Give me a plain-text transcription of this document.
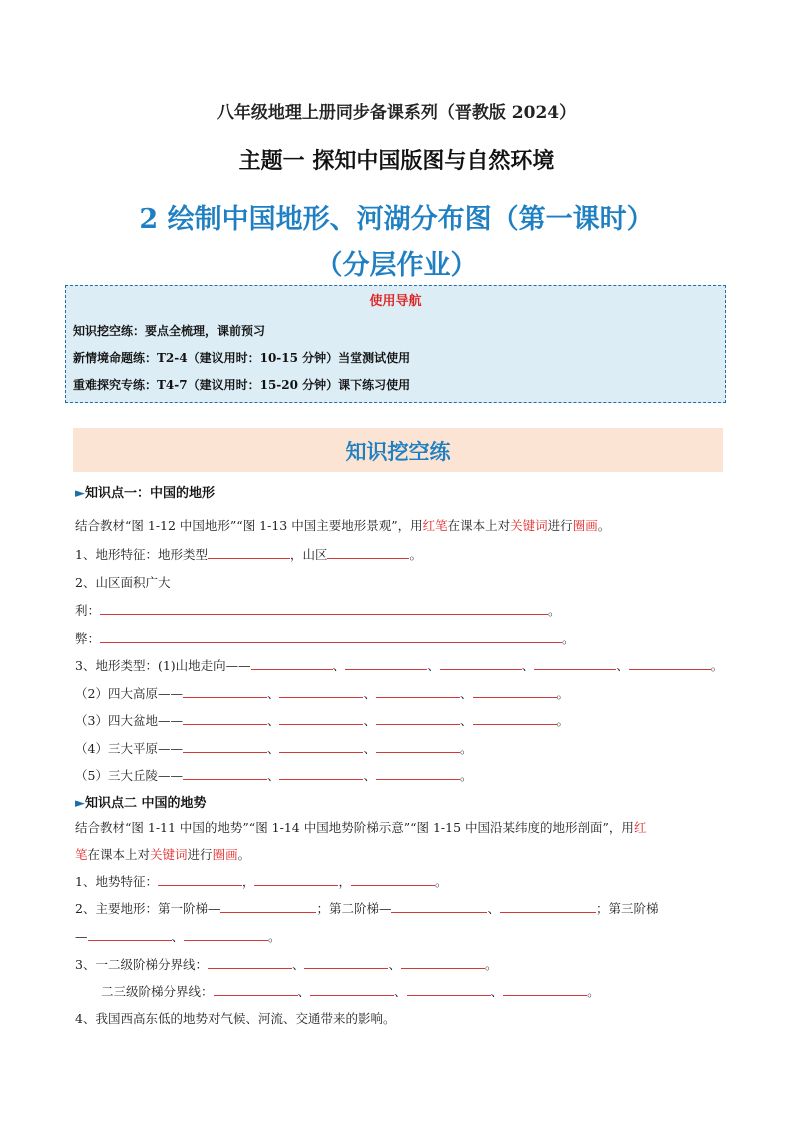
八年级地理上册同步备课系列（晋教版 2024）
主题一 探知中国版图与自然环境
2 绘制中国地形、河湖分布图（第一课时）
（分层作业）
使用导航
知识挖空练：要点全梳理，课前预习
新情境命题练：T2-4（建议用时：10-15 分钟）当堂测试使用
重难探究专练：T4-7（建议用时：15-20 分钟）课下练习使用
知识挖空练
►知识点一：中国的地形
结合教材“图 1-12 中国地形”“图 1-13 中国主要地形景观”，用红笔在课本上对关键词进行圈画。
1、地形特征：地形类型	，山区	。
2、山区面积广大
利：	。
弊：	。
3、地形类型：(1)山地走向——	、	、	、	、	。
（2）四大高原——	、	、	、	。
（3）四大盆地——	、	、	、	。
（4）三大平原——	、	、	。
（5）三大丘陵——	、	、	。
►知识点二 中国的地势
结合教材“图 1-11 中国的地势”“图 1-14 中国地势阶梯示意”“图 1-15 中国沿某纬度的地形剖面”，用红
笔在课本上对关键词进行圈画。
1、地势特征：	，	，	。
2、主要地形：第一阶梯—	；第二阶梯—	、	；第三阶梯
—	、	。
3、一二级阶梯分界线：	、	、	。
二三级阶梯分界线：	、	、	、	。
4、我国西高东低的地势对气候、河流、交通带来的影响。
